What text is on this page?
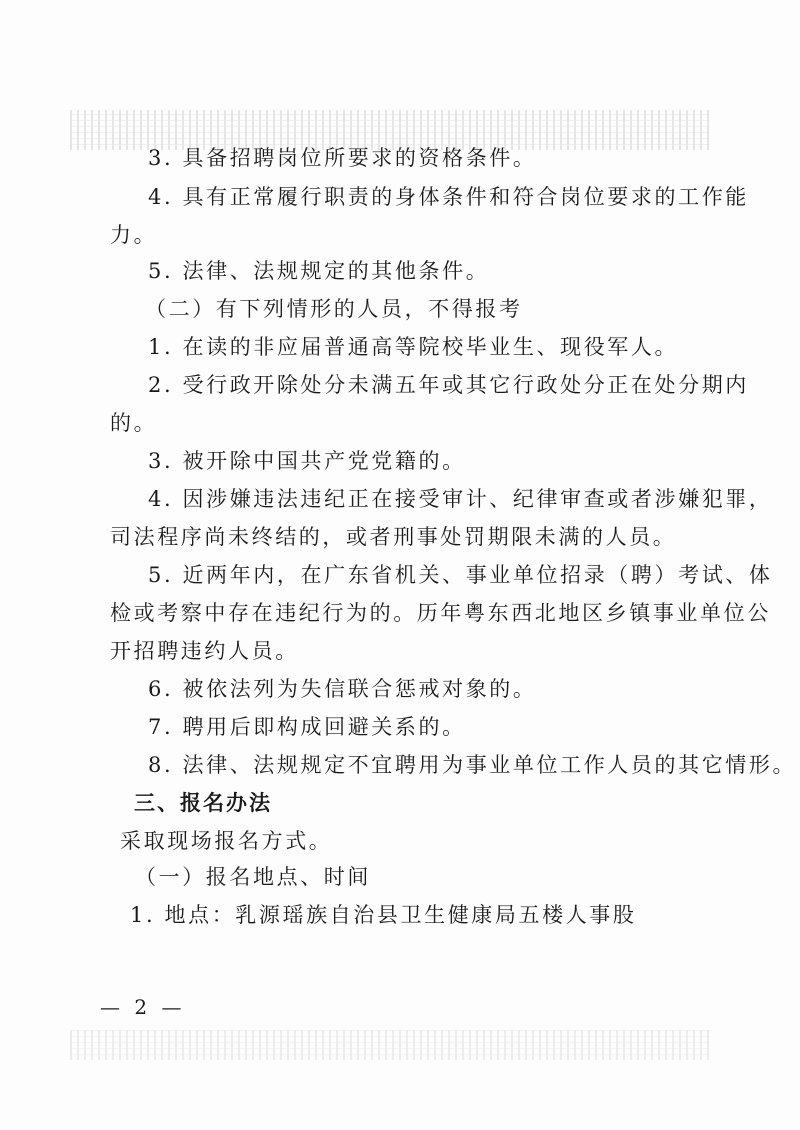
3. 具备招聘岗位所要求的资格条件。
4. 具有正常履行职责的身体条件和符合岗位要求的工作能
力。
5. 法律、法规规定的其他条件。
（二）有下列情形的人员，不得报考
1. 在读的非应届普通高等院校毕业生、现役军人。
2. 受行政开除处分未满五年或其它行政处分正在处分期内
的。
3. 被开除中国共产党党籍的。
4. 因涉嫌违法违纪正在接受审计、纪律审查或者涉嫌犯罪，
司法程序尚未终结的，或者刑事处罚期限未满的人员。
5. 近两年内，在广东省机关、事业单位招录（聘）考试、体
检或考察中存在违纪行为的。历年粤东西北地区乡镇事业单位公
开招聘违约人员。
6. 被依法列为失信联合惩戒对象的。
7. 聘用后即构成回避关系的。
8. 法律、法规规定不宜聘用为事业单位工作人员的其它情形。
三、报名办法
采取现场报名方式。
（一）报名地点、时间
1. 地点：乳源瑶族自治县卫生健康局五楼人事股
— 2 —
